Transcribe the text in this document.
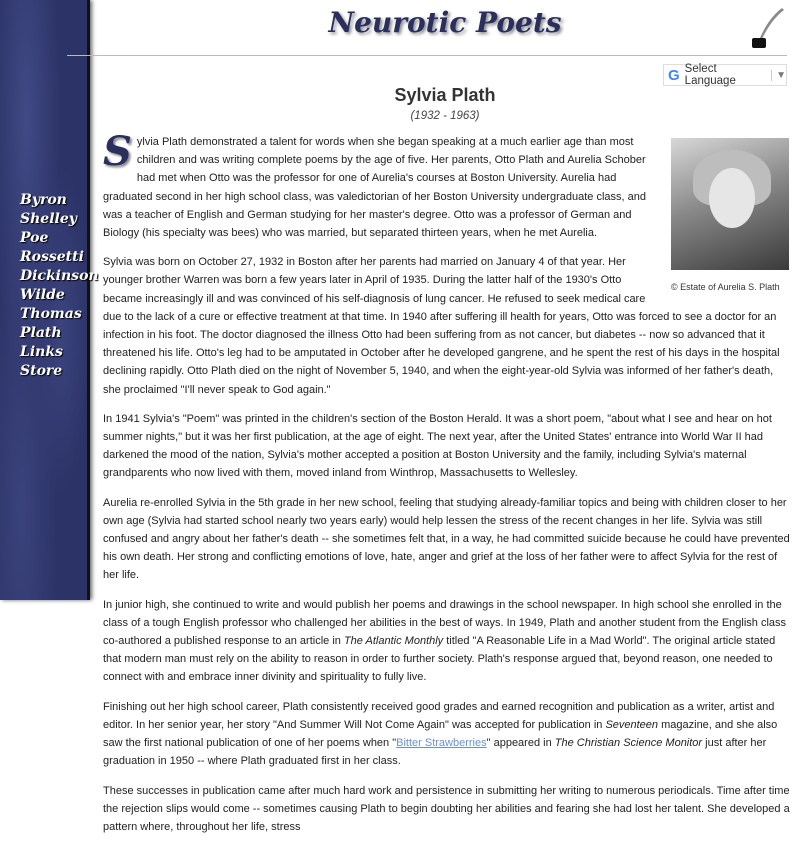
Byron
Shelley
Poe
Rossetti
Dickinson
Wilde
Thomas
Plath
Links
Store
Neurotic Poets
G Select Language	▼
Sylvia Plath
(1932 - 1963)
© Estate of Aurelia S. Plath

Sylvia Plath demonstrated a talent for words when she began speaking at a much earlier age than most children and was writing complete poems by the age of five. Her parents, Otto Plath and Aurelia Schober had met when Otto was the professor for one of Aurelia's courses at Boston University. Aurelia had graduated second in her high school class, was valedictorian of her Boston University undergraduate class, and was a teacher of English and German studying for her master's degree. Otto was a professor of German and Biology (his specialty was bees) who was married, but separated thirteen years, when he met Aurelia.

Sylvia was born on October 27, 1932 in Boston after her parents had married on January 4 of that year. Her younger brother Warren was born a few years later in April of 1935. During the latter half of the 1930's Otto became increasingly ill and was convinced of his self-diagnosis of lung cancer. He refused to seek medical care due to the lack of a cure or effective treatment at that time. In 1940 after suffering ill health for years, Otto was forced to see a doctor for an infection in his foot. The doctor diagnosed the illness Otto had been suffering from as not cancer, but diabetes -- now so advanced that it threatened his life. Otto's leg had to be amputated in October after he developed gangrene, and he spent the rest of his days in the hospital declining rapidly. Otto Plath died on the night of November 5, 1940, and when the eight-year-old Sylvia was informed of her father's death, she proclaimed "I'll never speak to God again."

In 1941 Sylvia's "Poem" was printed in the children's section of the Boston Herald. It was a short poem, "about what I see and hear on hot summer nights," but it was her first publication, at the age of eight. The next year, after the United States' entrance into World War II had darkened the mood of the nation, Sylvia's mother accepted a position at Boston University and the family, including Sylvia's maternal grandparents who now lived with them, moved inland from Winthrop, Massachusetts to Wellesley.

Aurelia re-enrolled Sylvia in the 5th grade in her new school, feeling that studying already-familiar topics and being with children closer to her own age (Sylvia had started school nearly two years early) would help lessen the stress of the recent changes in her life. Sylvia was still confused and angry about her father's death -- she sometimes felt that, in a way, he had committed suicide because he could have prevented his own death. Her strong and conflicting emotions of love, hate, anger and grief at the loss of her father were to affect Sylvia for the rest of her life.

In junior high, she continued to write and would publish her poems and drawings in the school newspaper. In high school she enrolled in the class of a tough English professor who challenged her abilities in the best of ways. In 1949, Plath and another student from the English class co-authored a published response to an article in The Atlantic Monthly titled "A Reasonable Life in a Mad World". The original article stated that modern man must rely on the ability to reason in order to further society. Plath's response argued that, beyond reason, one needed to connect with and embrace inner divinity and spirituality to fully live.

Finishing out her high school career, Plath consistently received good grades and earned recognition and publication as a writer, artist and editor. In her senior year, her story "And Summer Will Not Come Again" was accepted for publication in Seventeen magazine, and she also saw the first national publication of one of her poems when "Bitter Strawberries" appeared in The Christian Science Monitor just after her graduation in 1950 -- where Plath graduated first in her class.

These successes in publication came after much hard work and persistence in submitting her writing to numerous periodicals. Time after time the rejection slips would come -- sometimes causing Plath to begin doubting her abilities and fearing she had lost her talent. She developed a pattern where, throughout her life, stress
